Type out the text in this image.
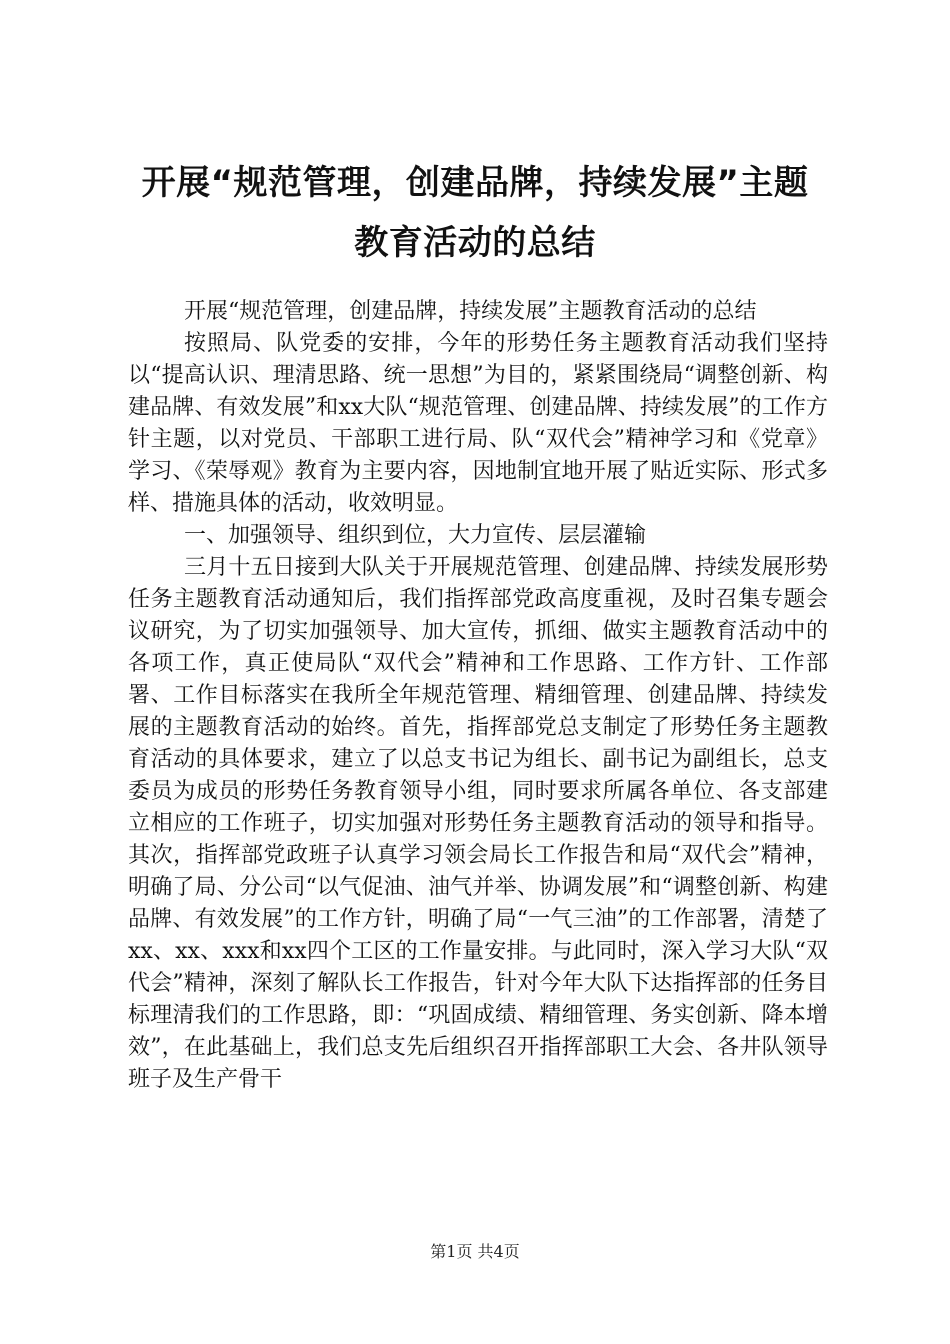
开展“规范管理，创建品牌，持续发展”主题
教育活动的总结

开展“规范管理，创建品牌，持续发展”主题教育活动的总结

按照局、队党委的安排，今年的形势任务主题教育活动我们坚持以“提高认识、理清思路、统一思想”为目的，紧紧围绕局“调整创新、构建品牌、有效发展”和xx大队“规范管理、创建品牌、持续发展”的工作方针主题，以对党员、干部职工进行局、队“双代会”精神学习和《党章》学习、《荣辱观》教育为主要内容，因地制宜地开展了贴近实际、形式多样、措施具体的活动，收效明显。

一、加强领导、组织到位，大力宣传、层层灌输

三月十五日接到大队关于开展规范管理、创建品牌、持续发展形势任务主题教育活动通知后，我们指挥部党政高度重视，及时召集专题会议研究，为了切实加强领导、加大宣传，抓细、做实主题教育活动中的各项工作，真正使局队“双代会”精神和工作思路、工作方针、工作部署、工作目标落实在我所全年规范管理、精细管理、创建品牌、持续发展的主题教育活动的始终。首先，指挥部党总支制定了形势任务主题教育活动的具体要求，建立了以总支书记为组长、副书记为副组长，总支委员为成员的形势任务教育领导小组，同时要求所属各单位、各支部建立相应的工作班子，切实加强对形势任务主题教育活动的领导和指导。其次，指挥部党政班子认真学习领会局长工作报告和局“双代会”精神，明确了局、分公司“以气促油、油气并举、协调发展”和“调整创新、构建品牌、有效发展”的工作方针，明确了局“一气三油”的工作部署，清楚了xx、xx、xxx和xx四个工区的工作量安排。与此同时，深入学习大队“双代会”精神，深刻了解队长工作报告，针对今年大队下达指挥部的任务目标理清我们的工作思路，即：“巩固成绩、精细管理、务实创新、降本增效”，在此基础上，我们总支先后组织召开指挥部职工大会、各井队领导班子及生产骨干

第1页 共4页
